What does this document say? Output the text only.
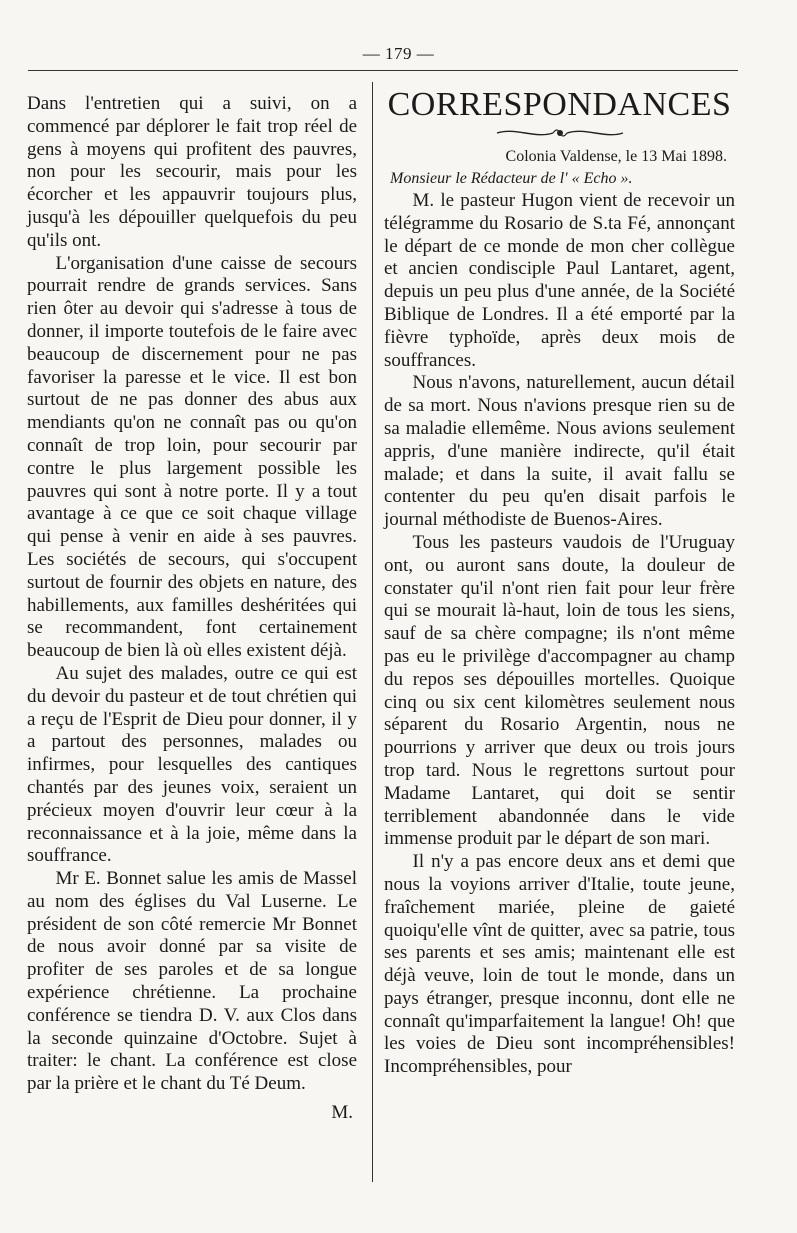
— 179 —

Dans l'entretien qui a suivi, on a commencé par déplorer le fait trop réel de gens à moyens qui profitent des pauvres, non pour les secourir, mais pour les écorcher et les appauvrir toujours plus, jusqu'à les dépouiller quelquefois du peu qu'ils ont.

L'organisation d'une caisse de secours pourrait rendre de grands services. Sans rien ôter au devoir qui s'adresse à tous de donner, il importe toutefois de le faire avec beaucoup de discernement pour ne pas favoriser la paresse et le vice. Il est bon surtout de ne pas donner des abus aux mendiants qu'on ne connaît pas ou qu'on connaît de trop loin, pour secourir par contre le plus largement possible les pauvres qui sont à notre porte. Il y a tout avantage à ce que ce soit chaque village qui pense à venir en aide à ses pauvres. Les sociétés de secours, qui s'occupent surtout de fournir des objets en nature, des habillements, aux familles deshéritées qui se recommandent, font certainement beaucoup de bien là où elles existent déjà.

Au sujet des malades, outre ce qui est du devoir du pasteur et de tout chrétien qui a reçu de l'Esprit de Dieu pour donner, il y a partout des personnes, malades ou infirmes, pour lesquelles des cantiques chantés par des jeunes voix, seraient un précieux moyen d'ouvrir leur cœur à la reconnaissance et à la joie, même dans la souffrance.

Mr E. Bonnet salue les amis de Massel au nom des églises du Val Luserne. Le président de son côté remercie Mr Bonnet de nous avoir donné par sa visite de profiter de ses paroles et de sa longue expérience chrétienne. La prochaine conférence se tiendra D. V. aux Clos dans la seconde quinzaine d'Octobre. Sujet à traiter: le chant. La conférence est close par la prière et le chant du Té Deum.

M.
CORRESPONDANCES
Colonia Valdense, le 13 Mai 1898.
Monsieur le Rédacteur de l' « Echo ».

M. le pasteur Hugon vient de recevoir un télégramme du Rosario de S.ta Fé, annonçant le départ de ce monde de mon cher collègue et ancien condisciple Paul Lantaret, agent, depuis un peu plus d'une année, de la Société Biblique de Londres. Il a été emporté par la fièvre typhoïde, après deux mois de souffrances.

Nous n'avons, naturellement, aucun détail de sa mort. Nous n'avions presque rien su de sa maladie ellemême. Nous avions seulement appris, d'une manière indirecte, qu'il était malade; et dans la suite, il avait fallu se contenter du peu qu'en disait parfois le journal méthodiste de Buenos-Aires.

Tous les pasteurs vaudois de l'Uruguay ont, ou auront sans doute, la douleur de constater qu'il n'ont rien fait pour leur frère qui se mourait là-haut, loin de tous les siens, sauf de sa chère compagne; ils n'ont même pas eu le privilège d'accompagner au champ du repos ses dépouilles mortelles. Quoique cinq ou six cent kilomètres seulement nous séparent du Rosario Argentin, nous ne pourrions y arriver que deux ou trois jours trop tard. Nous le regrettons surtout pour Madame Lantaret, qui doit se sentir terriblement abandonnée dans le vide immense produit par le départ de son mari.

Il n'y a pas encore deux ans et demi que nous la voyions arriver d'Italie, toute jeune, fraîchement mariée, pleine de gaieté quoiqu'elle vînt de quitter, avec sa patrie, tous ses parents et ses amis; maintenant elle est déjà veuve, loin de tout le monde, dans un pays étranger, presque inconnu, dont elle ne connaît qu'imparfaitement la langue! Oh! que les voies de Dieu sont incompréhensibles! Incompréhensibles, pour
